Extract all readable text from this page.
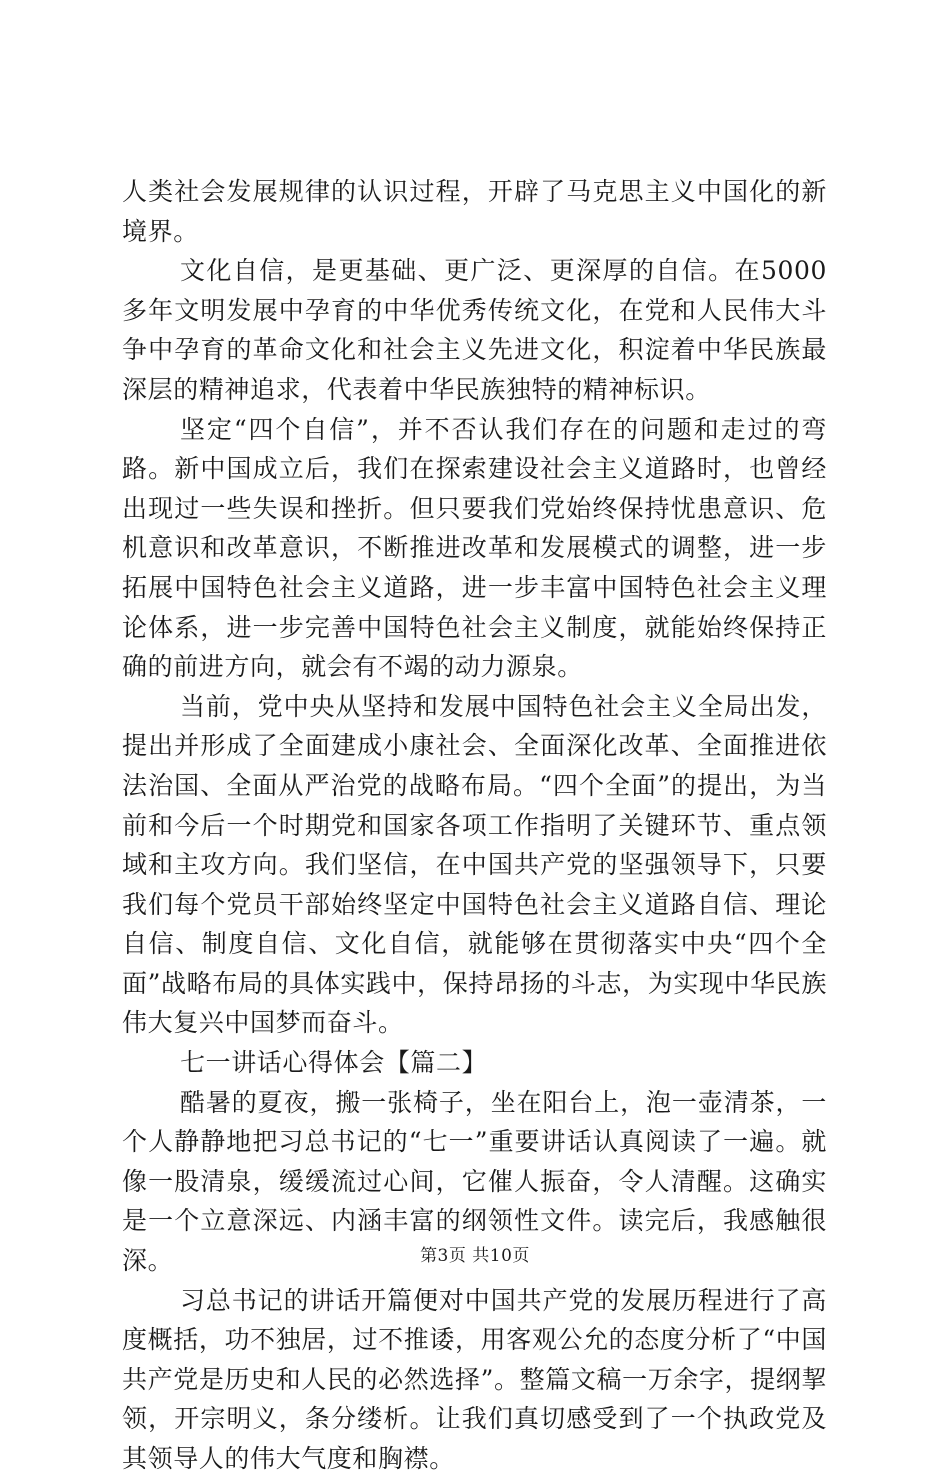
人类社会发展规律的认识过程，开辟了马克思主义中国化的新境界。

文化自信，是更基础、更广泛、更深厚的自信。在5000多年文明发展中孕育的中华优秀传统文化，在党和人民伟大斗争中孕育的革命文化和社会主义先进文化，积淀着中华民族最深层的精神追求，代表着中华民族独特的精神标识。

坚定“四个自信”，并不否认我们存在的问题和走过的弯路。新中国成立后，我们在探索建设社会主义道路时，也曾经出现过一些失误和挫折。但只要我们党始终保持忧患意识、危机意识和改革意识，不断推进改革和发展模式的调整，进一步拓展中国特色社会主义道路，进一步丰富中国特色社会主义理论体系，进一步完善中国特色社会主义制度，就能始终保持正确的前进方向，就会有不竭的动力源泉。

当前，党中央从坚持和发展中国特色社会主义全局出发，提出并形成了全面建成小康社会、全面深化改革、全面推进依法治国、全面从严治党的战略布局。“四个全面”的提出，为当前和今后一个时期党和国家各项工作指明了关键环节、重点领域和主攻方向。我们坚信，在中国共产党的坚强领导下，只要我们每个党员干部始终坚定中国特色社会主义道路自信、理论自信、制度自信、文化自信，就能够在贯彻落实中央“四个全面”战略布局的具体实践中，保持昂扬的斗志，为实现中华民族伟大复兴中国梦而奋斗。

七一讲话心得体会【篇二】

酷暑的夏夜，搬一张椅子，坐在阳台上，泡一壶清茶，一个人静静地把习总书记的“七一”重要讲话认真阅读了一遍。就像一股清泉，缓缓流过心间，它催人振奋，令人清醒。这确实是一个立意深远、内涵丰富的纲领性文件。读完后，我感触很深。

习总书记的讲话开篇便对中国共产党的发展历程进行了高度概括，功不独居，过不推诿，用客观公允的态度分析了“中国共产党是历史和人民的必然选择”。整篇文稿一万余字，提纲挈领，开宗明义，条分缕析。让我们真切感受到了一个执政党及其领导人的伟大气度和胸襟。

第3页 共10页
